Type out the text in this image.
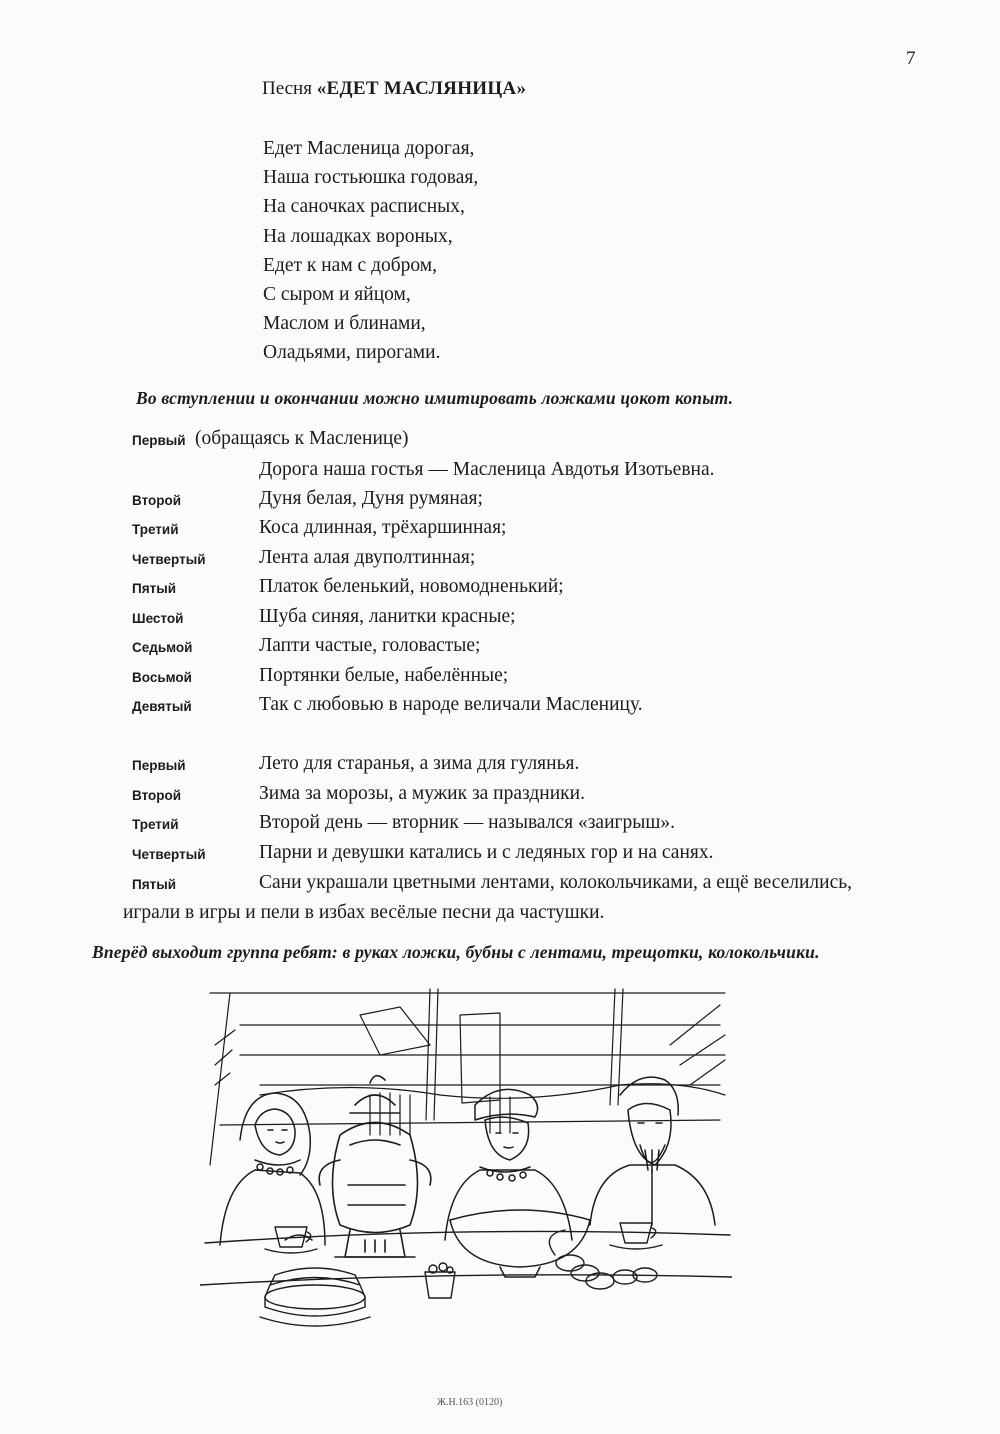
7
Песня «ЕДЕТ МАСЛЯНИЦА»
Едет Масленица дорогая,
Наша гостьюшка годовая,
На саночках расписных,
На лошадках вороных,
Едет к нам с добром,
С сыром и яйцом,
Маслом и блинами,
Оладьями, пирогами.
Во вступлении и окончании можно имитировать ложками цокот копыт.
Первый (обращаясь к Масленице)
Дорога наша гостья — Масленица Авдотья Изотьевна.
Второй	Дуня белая, Дуня румяная;
Третий	Коса длинная, трёхаршинная;
Четвертый	Лента алая двуполтинная;
Пятый	Платок беленький, новомодненький;
Шестой	Шуба синяя, ланитки красные;
Седьмой	Лапти частые, головастые;
Восьмой	Портянки белые, набелённые;
Девятый	Так с любовью в народе величали Масленицу.
Первый	Лето для старанья, а зима для гулянья.
Второй	Зима за морозы, а мужик за праздники.
Третий	Второй день — вторник — назывался «заигрыш».
Четвертый	Парни и девушки катались и с ледяных гор и на санях.
Пятый	Сани украшали цветными лентами, колокольчиками, а ещё веселились,
играли в игры и пели в избах весёлые песни да частушки.
Вперёд выходит группа ребят: в руках ложки, бубны с лентами, трещотки, колокольчики.
Ж.Н.163 (0120)
